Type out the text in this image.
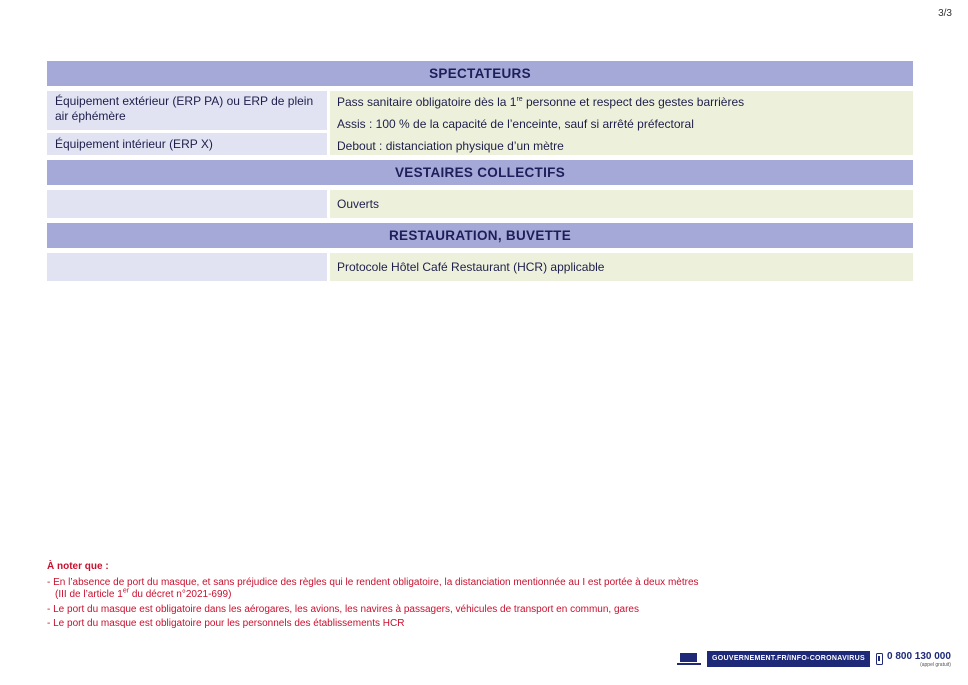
3/3
SPECTATEURS
Équipement extérieur (ERP PA) ou ERP de plein air éphémère
Équipement intérieur (ERP X)
Pass sanitaire obligatoire dès la 1re personne et respect des gestes barrières
Assis : 100 % de la capacité de l’enceinte, sauf si arrêté préfectoral
Debout : distanciation physique d’un mètre
VESTAIRES COLLECTIFS
Ouverts
RESTAURATION, BUVETTE
Protocole Hôtel Café Restaurant (HCR) applicable
À noter que :
- En l’absence de port du masque, et sans préjudice des règles qui le rendent obligatoire, la distanciation mentionnée au I est portée à deux mètres
(III de l’article 1er du décret n°2021-699)
- Le port du masque est obligatoire dans les aérogares, les avions, les navires à passagers, véhicules de transport en commun, gares
- Le port du masque est obligatoire pour les personnels des établissements HCR
GOUVERNEMENT.FR/INFO-CORONAVIRUS	0 800 130 000
(appel gratuit)
